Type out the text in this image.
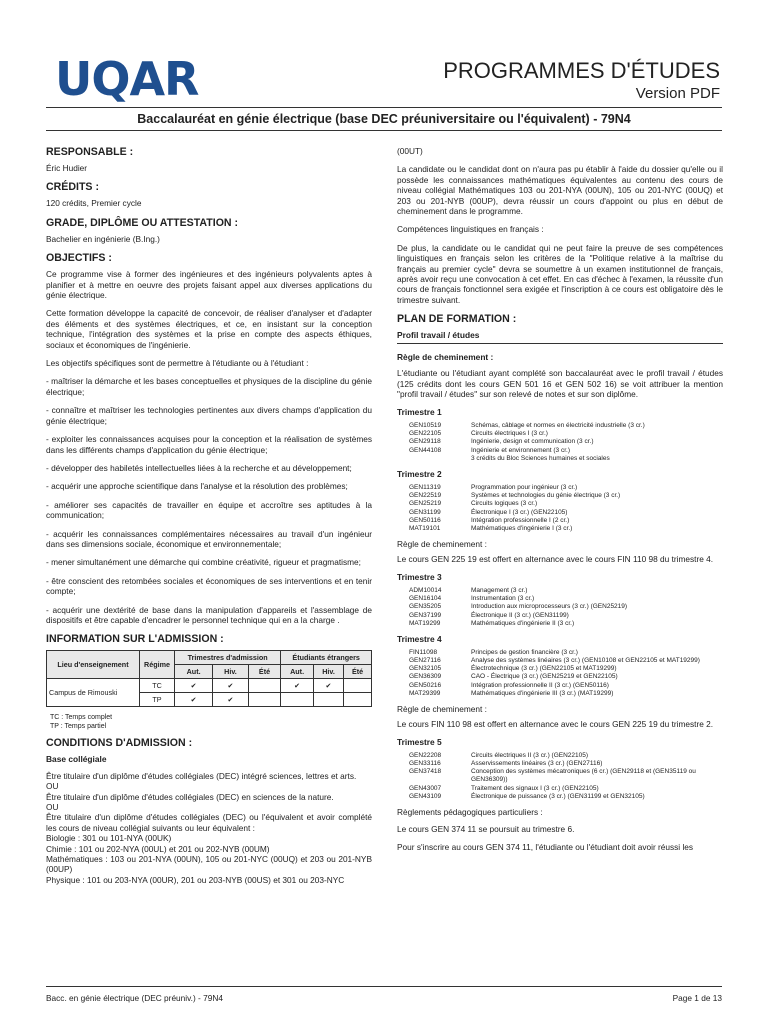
UQAR	PROGRAMMES D'ÉTUDES
Version PDF
Baccalauréat en génie électrique (base DEC préuniversitaire ou l'équivalent) - 79N4
RESPONSABLE :

Éric Hudier

CRÉDITS :

120 crédits, Premier cycle

GRADE, DIPLÔME OU ATTESTATION :

Bachelier en ingénierie (B.Ing.)

OBJECTIFS :

Ce programme vise à former des ingénieures et des ingénieurs polyvalents aptes à planifier et à mettre en oeuvre des projets faisant appel aux diverses applications du génie électrique.

Cette formation développe la capacité de concevoir, de réaliser d'analyser et d'adapter des éléments et des systèmes électriques, et ce, en insistant sur la conception technique, l'intégration des systèmes et la prise en compte des aspects éthiques, sociaux et économiques de l'ingénierie.

Les objectifs spécifiques sont de permettre à l'étudiante ou à l'étudiant :

- maîtriser la démarche et les bases conceptuelles et physiques de la discipline du génie électrique;

- connaître et maîtriser les technologies pertinentes aux divers champs d'application du génie électrique;

- exploiter les connaissances acquises pour la conception et la réalisation de systèmes dans les différents champs d'application du génie électrique;

- développer des habiletés intellectuelles liées à la recherche et au développement;

- acquérir une approche scientifique dans l'analyse et la résolution des problèmes;

- améliorer ses capacités de travailler en équipe et accroître ses aptitudes à la communication;

- acquérir les connaissances complémentaires nécessaires au travail d'un ingénieur dans ses dimensions sociale, économique et environnementale;

- mener simultanément une démarche qui combine créativité, rigueur et pragmatisme;

- être conscient des retombées sociales et économiques de ses interventions et en tenir compte;

- acquérir une dextérité de base dans la manipulation d'appareils et l'assemblage de dispositifs et être capable d'encadrer le personnel technique qui en a la charge .

INFORMATION SUR L'ADMISSION :
Lieu d'enseignement	Régime	Trimestres d'admission			Étudiants étrangers		
		Aut.	Hiv.	Été	Aut.	Hiv.	Été
Campus de Rimouski	TC	✔	✔		✔	✔	
	TP	✔	✔				
TC : Temps complet
TP : Temps partiel
CONDITIONS D'ADMISSION :
Base collégiale
Être titulaire d'un diplôme d'études collégiales (DEC) intégré sciences, lettres et arts.
OU
Être titulaire d'un diplôme d'études collégiales (DEC) en sciences de la nature.
OU
Être titulaire d'un diplôme d'études collégiales (DEC) ou l'équivalent et avoir complété les cours de niveau collégial suivants ou leur équivalent :
Biologie : 301 ou 101-NYA (00UK)
Chimie : 101 ou 202-NYA (00UL) et 201 ou 202-NYB (00UM)
Mathématiques : 103 ou 201-NYA (00UN), 105 ou 201-NYC (00UQ) et 203 ou 201-NYB (00UP)
Physique : 101 ou 203-NYA (00UR), 201 ou 203-NYB (00US) et 301 ou 203-NYC

(00UT)

La candidate ou le candidat dont on n'aura pas pu établir à l'aide du dossier qu'elle ou il possède les connaissances mathématiques équivalentes au contenu des cours de niveau collégial Mathématiques 103 ou 201-NYA (00UN), 105 ou 201-NYC (00UQ) et 203 ou 201-NYB (00UP), devra réussir un cours d'appoint ou plus en début de cheminement dans le programme.

Compétences linguistiques en français :

De plus, la candidate ou le candidat qui ne peut faire la preuve de ses compétences linguistiques en français selon les critères de la "Politique relative à la maîtrise du français au premier cycle" devra se soumettre à un examen institutionnel de français, après avoir reçu une convocation à cet effet. En cas d'échec à l'examen, la réussite d'un cours de français fonctionnel sera exigée et l'inscription à ce cours est obligatoire dès le trimestre suivant.

PLAN DE FORMATION :
Profil travail / études
Règle de cheminement :

L'étudiante ou l'étudiant ayant complété son baccalauréat avec le profil travail / études (125 crédits dont les cours GEN 501 16 et GEN 502 16) se voit attribuer la mention "profil travail / études" sur son relevé de notes et sur son diplôme.

Trimestre 1
GEN10519	Schémas, câblage et normes en électricité industrielle (3 cr.)
GEN22105	Circuits électriques I (3 cr.)
GEN29118	Ingénierie, design et communication (3 cr.)
GEN44108	Ingénierie et environnement (3 cr.)
3 crédits du Bloc Sciences humaines et sociales
Trimestre 2
GEN11319	Programmation pour ingénieur (3 cr.)
GEN22519	Systèmes et technologies du génie électrique (3 cr.)
GEN25219	Circuits logiques (3 cr.)
GEN31199	Électronique I (3 cr.) (GEN22105)
GEN50116	Intégration professionnelle I (2 cr.)
MAT19101	Mathématiques d'ingénierie I (3 cr.)

Règle de cheminement :

Le cours GEN 225 19 est offert en alternance avec le cours FIN 110 98 du trimestre 4.

Trimestre 3
ADM10014	Management (3 cr.)
GEN16104	Instrumentation (3 cr.)
GEN35205	Introduction aux microprocesseurs (3 cr.) (GEN25219)
GEN37199	Électronique II (3 cr.) (GEN31199)
MAT19299	Mathématiques d'ingénierie II (3 cr.)
Trimestre 4
FIN11098	Principes de gestion financière (3 cr.)
GEN27116	Analyse des systèmes linéaires (3 cr.) (GEN10108 et GEN22105 et MAT19299)
GEN32105	Électrotechnique (3 cr.) (GEN22105 et MAT19299)
GEN36309	CAO - Électrique (3 cr.) (GEN25219 et GEN22105)
GEN50216	Intégration professionnelle II (3 cr.) (GEN50116)
MAT29399	Mathématiques d'ingénierie III (3 cr.) (MAT19299)

Règle de cheminement :

Le cours FIN 110 98 est offert en alternance avec le cours GEN 225 19 du trimestre 2.

Trimestre 5
GEN22208	Circuits électriques II (3 cr.) (GEN22105)
GEN33116	Asservissements linéaires (3 cr.) (GEN27116)
GEN37418	Conception des systèmes mécatroniques (6 cr.) (GEN29118 et (GEN35119 ou GEN36309))
GEN43007	Traitement des signaux I (3 cr.) (GEN22105)
GEN43109	Électronique de puissance (3 cr.) (GEN31199 et GEN32105)

Règlements pédagogiques particuliers :

Le cours GEN 374 11 se poursuit au trimestre 6.

Pour s'inscrire au cours GEN 374 11, l'étudiante ou l'étudiant doit avoir réussi les

Bacc. en génie électrique (DEC préuniv.) - 79N4	Page 1 de 13
